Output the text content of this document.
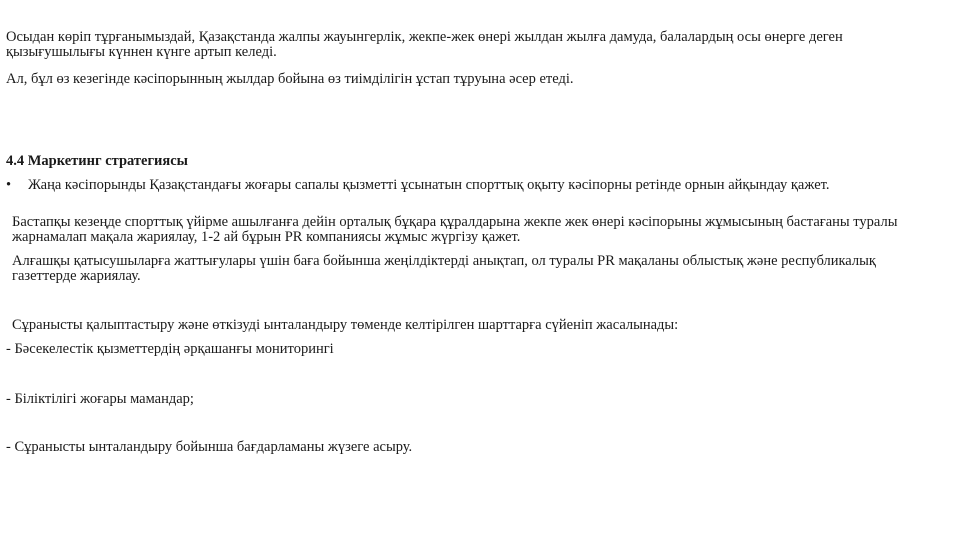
Осыдан көріп тұрғанымыздай, Қазақстанда жалпы жауынгерлік, жекпе-жек өнері жылдан жылға дамуда, балалардың осы өнерге деген қызығушылығы күннен күнге артып келеді.

Ал, бұл өз кезегінде кәсіпорынның жылдар бойына өз тиімділігін ұстап тұруына әсер етеді.

4.4 Маркетинг стратегиясы

•	Жаңа кәсіпорынды Қазақстандағы жоғары сапалы қызметті ұсынатын спорттық оқыту кәсіпорны ретінде орнын айқындау қажет.

Бастапқы кезеңде спорттық үйірме ашылғанға дейін орталық бұқара құралдарына жекпе жек өнері кәсіпорыны жұмысының бастағаны туралы жарнамалап мақала жариялау, 1-2 ай бұрын PR компаниясы жұмыс жүргізу қажет.

Алғашқы қатысушыларға жаттығулары үшін баға бойынша жеңілдіктерді анықтап, ол туралы PR мақаланы облыстық және республикалық газеттерде жариялау.

Сұранысты қалыптастыру және өткізуді ынталандыру төменде келтірілген шарттарға сүйеніп жасалынады:

- Бәсекелестік қызметтердің әрқашанғы мониторингі

- Біліктілігі жоғары мамандар;

- Сұранысты ынталандыру бойынша бағдарламаны жүзеге асыру.
